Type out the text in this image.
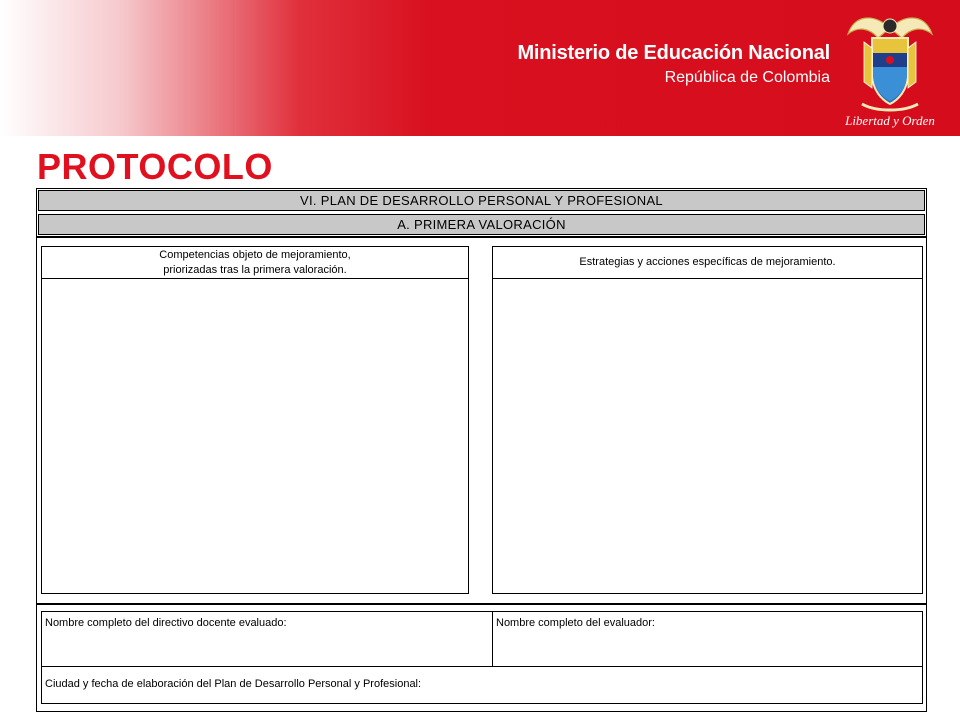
Ministerio de Educación Nacional
República de Colombia
Libertad y Orden
PROTOCOLO
VI. PLAN DE DESARROLLO PERSONAL Y PROFESIONAL
A. PRIMERA VALORACIÓN
Competencias objeto de mejoramiento,
priorizadas tras la primera valoración.
Estrategias y acciones específicas de mejoramiento.
Nombre completo del directivo docente evaluado:	Nombre completo del evaluador:
Ciudad y fecha de elaboración del Plan de Desarrollo Personal y Profesional:
